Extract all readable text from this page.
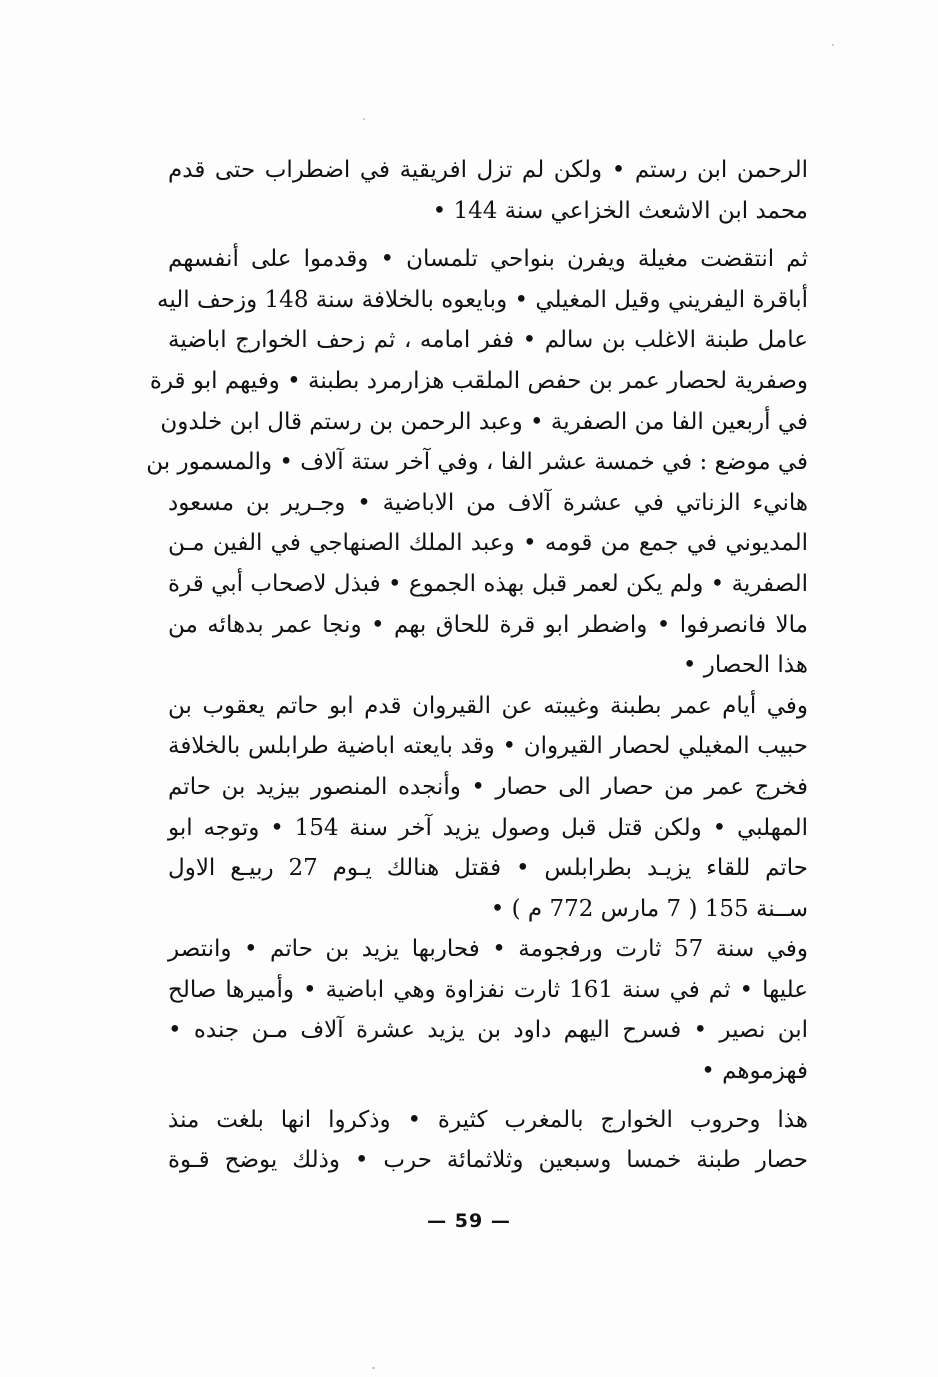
الرحمن ابن رستم • ولكن لم تزل افريقية في اضطراب حتى قدم
محمد ابن الاشعث الخزاعي سنة 144 •
ثم انتقضت مغيلة ويفرن بنواحي تلمسان • وقدموا على أنفسهم
أباقرة اليفريني وقيل المغيلي • وبايعوه بالخلافة سنة 148 وزحف اليه
عامل طبنة الاغلب بن سالم • ففر امامه ، ثم زحف الخوارج اباضية
وصفرية لحصار عمر بن حفص الملقب هزارمرد بطبنة • وفيهم ابو قرة
في أربعين الفا من الصفرية • وعبد الرحمن بن رستم قال ابن خلدون
في موضع : في خمسة عشر الفا ، وفي آخر ستة آلاف • والمسمور بن
هانيء الزناتي في عشرة آلاف من الاباضية • وجـرير بن مسعود
المديوني في جمع من قومه • وعبد الملك الصنهاجي في الفين مـن
الصفرية • ولم يكن لعمر قبل بهذه الجموع • فبذل لاصحاب أبي قرة
مالا فانصرفوا • واضطر ابو قرة للحاق بهم • ونجا عمر بدهائه من
هذا الحصار •
وفي أيام عمر بطبنة وغيبته عن القيروان قدم ابو حاتم يعقوب بن
حبيب المغيلي لحصار القيروان • وقد بايعته اباضية طرابلس بالخلافة
فخرج عمر من حصار الى حصار • وأنجده المنصور بيزيد بن حاتم
المهلبي • ولكن قتل قبل وصول يزيد آخر سنة 154 • وتوجه ابو
حاتم للقاء يزيـد بطرابلس • فقتل هنالك يـوم 27 ربيـع الاول
ســنة 155 ( 7 مارس 772 م ) •
وفي سنة 57 ثارت ورفجومة • فحاربها يزيد بن حاتم • وانتصر
عليها • ثم في سنة 161 ثارت نفزاوة وهي اباضية • وأميرها صالح
ابن نصير • فسرح اليهم داود بن يزيد عشرة آلاف مـن جنده •
فهزموهم •
هذا وحروب الخوارج بالمغرب كثيرة • وذكروا انها بلغت منذ
حصار طبنة خمسا وسبعين وثلاثمائة حرب • وذلك يوضح قـوة
— 59 —
